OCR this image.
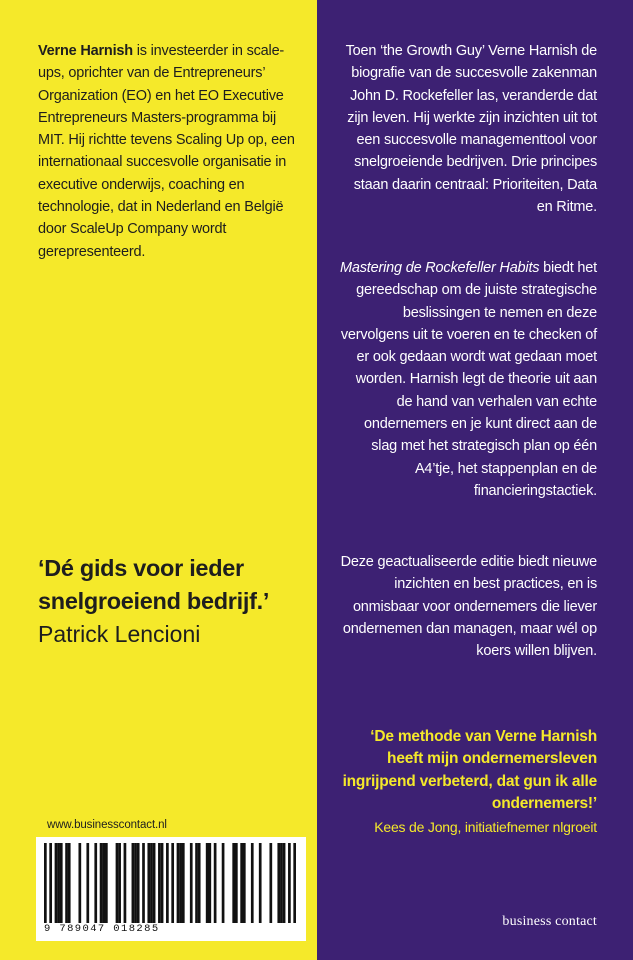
Verne Harnish is investeerder in scale-ups, oprichter van de Entrepreneurs’ Organization (EO) en het EO Executive Entrepreneurs Masters-programma bij MIT. Hij richtte tevens Scaling Up op, een internationaal succesvolle organisatie in executive onderwijs, coaching en technologie, dat in Nederland en België door ScaleUp Company wordt gerepresenteerd.
‘Dé gids voor ieder snelgroeiend bedrijf.’
Patrick Lencioni
www.businesscontact.nl
9 789047 018285
Toen ‘the Growth Guy’ Verne Harnish de biografie van de succesvolle zakenman John D. Rockefeller las, veranderde dat zijn leven. Hij werkte zijn inzichten uit tot een succesvolle managementtool voor snelgroeiende bedrijven. Drie principes staan daarin centraal: Prioriteiten, Data en Ritme.
Mastering de Rockefeller Habits biedt het gereedschap om de juiste strategische beslissingen te nemen en deze vervolgens uit te voeren en te checken of er ook gedaan wordt wat gedaan moet worden. Harnish legt de theorie uit aan de hand van verhalen van echte ondernemers en je kunt direct aan de slag met het strategisch plan op één A4’tje, het stappenplan en de financieringstactiek.
Deze geactualiseerde editie biedt nieuwe inzichten en best practices, en is onmisbaar voor ondernemers die liever ondernemen dan managen, maar wél op koers willen blijven.
‘De methode van Verne Harnish heeft mijn ondernemersleven ingrijpend verbeterd, dat gun ik alle ondernemers!’
Kees de Jong, initiatiefnemer nlgroeit
business contact
